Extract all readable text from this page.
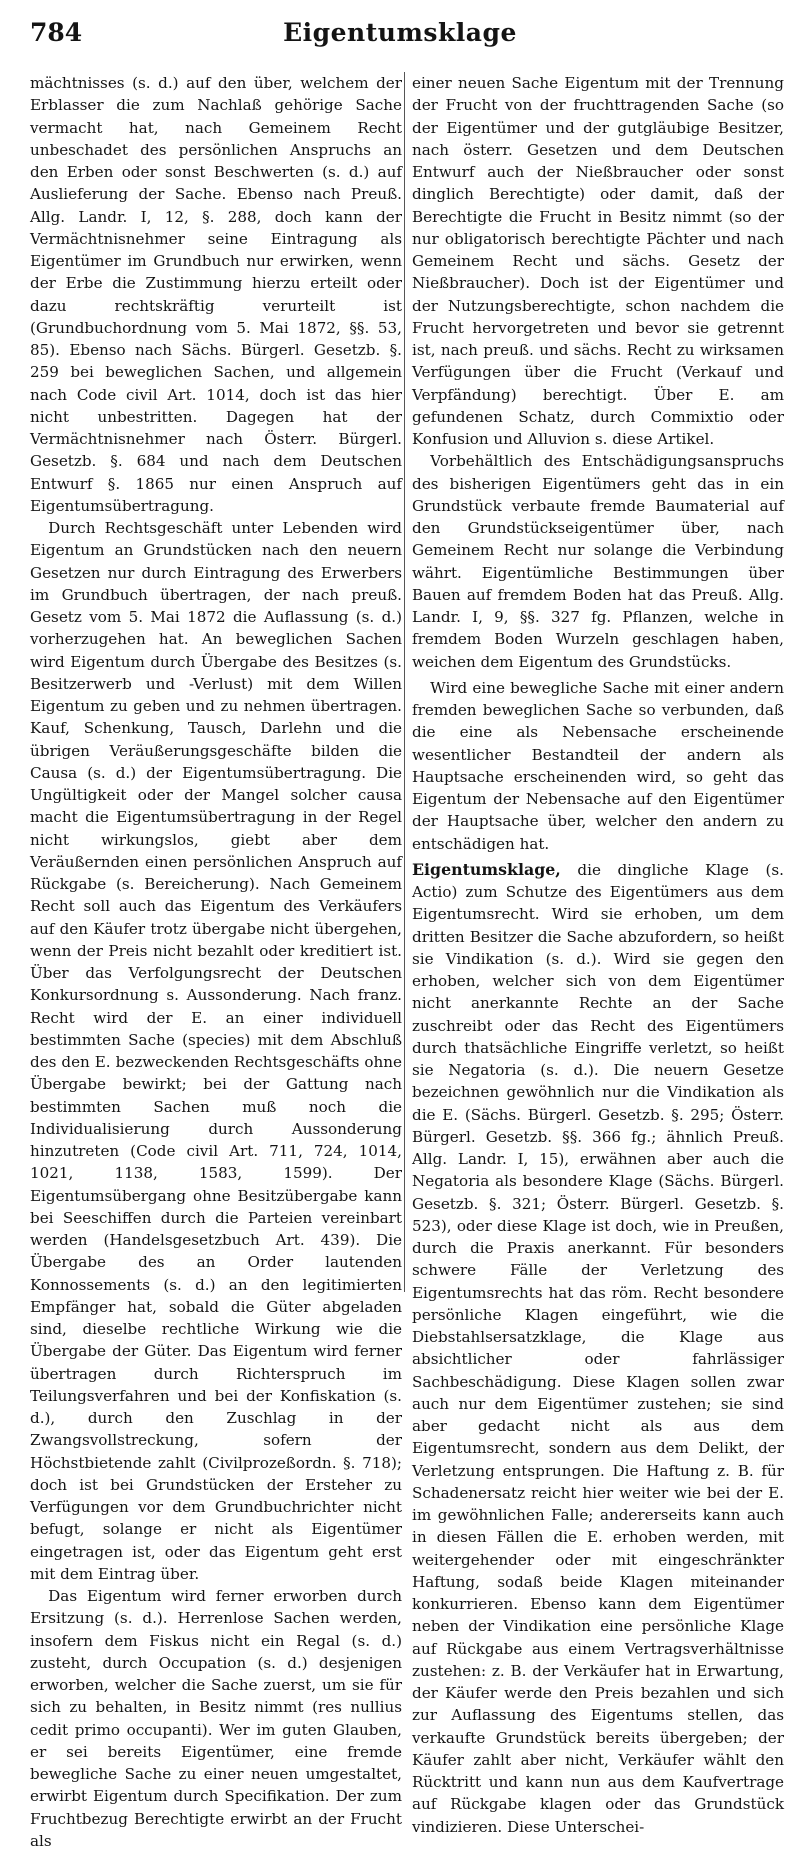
784	Eigentumsklage

mächtnisses (s. d.) auf den über, welchem der Erblasser die zum Nachlaß gehörige Sache vermacht hat, nach Gemeinem Recht unbeschadet des persönlichen Anspruchs an den Erben oder sonst Beschwerten (s. d.) auf Auslieferung der Sache. Ebenso nach Preuß. Allg. Landr. I, 12, §. 288, doch kann der Vermächtnisnehmer seine Eintragung als Eigentümer im Grundbuch nur erwirken, wenn der Erbe die Zustimmung hierzu erteilt oder dazu rechtskräftig verurteilt ist (Grundbuchordnung vom 5. Mai 1872, §§. 53, 85). Ebenso nach Sächs. Bürgerl. Gesetzb. §. 259 bei beweglichen Sachen, und allgemein nach Code civil Art. 1014, doch ist das hier nicht unbestritten. Dagegen hat der Vermächtnisnehmer nach Österr. Bürgerl. Gesetzb. §. 684 und nach dem Deutschen Entwurf §. 1865 nur einen Anspruch auf Eigentumsübertragung.

Durch Rechtsgeschäft unter Lebenden wird Eigentum an Grundstücken nach den neuern Gesetzen nur durch Eintragung des Erwerbers im Grundbuch übertragen, der nach preuß. Gesetz vom 5. Mai 1872 die Auflassung (s. d.) vorherzugehen hat. An beweglichen Sachen wird Eigentum durch Übergabe des Besitzes (s. Besitzerwerb und -Verlust) mit dem Willen Eigentum zu geben und zu nehmen übertragen. Kauf, Schenkung, Tausch, Darlehn und die übrigen Veräußerungsgeschäfte bilden die Causa (s. d.) der Eigentumsübertragung. Die Ungültigkeit oder der Mangel solcher causa macht die Eigentumsübertragung in der Regel nicht wirkungslos, giebt aber dem Veräußernden einen persönlichen Anspruch auf Rückgabe (s. Bereicherung). Nach Gemeinem Recht soll auch das Eigentum des Verkäufers auf den Käufer trotz übergabe nicht übergehen, wenn der Preis nicht bezahlt oder kreditiert ist. Über das Verfolgungsrecht der Deutschen Konkursordnung s. Aussonderung. Nach franz. Recht wird der E. an einer individuell bestimmten Sache (species) mit dem Abschluß des den E. bezweckenden Rechtsgeschäfts ohne Übergabe bewirkt; bei der Gattung nach bestimmten Sachen muß noch die Individualisierung durch Aussonderung hinzutreten (Code civil Art. 711, 724, 1014, 1021, 1138, 1583, 1599). Der Eigentumsübergang ohne Besitzübergabe kann bei Seeschiffen durch die Parteien vereinbart werden (Handelsgesetzbuch Art. 439). Die Übergabe des an Order lautenden Konnossements (s. d.) an den legitimierten Empfänger hat, sobald die Güter abgeladen sind, dieselbe rechtliche Wirkung wie die Übergabe der Güter. Das Eigentum wird ferner übertragen durch Richterspruch im Teilungsverfahren und bei der Konfiskation (s. d.), durch den Zuschlag in der Zwangsvollstreckung, sofern der Höchstbietende zahlt (Civilprozeßordn. §. 718); doch ist bei Grundstücken der Ersteher zu Verfügungen vor dem Grundbuchrichter nicht befugt, solange er nicht als Eigentümer eingetragen ist, oder das Eigentum geht erst mit dem Eintrag über.

Das Eigentum wird ferner erworben durch Ersitzung (s. d.). Herrenlose Sachen werden, insofern dem Fiskus nicht ein Regal (s. d.) zusteht, durch Occupation (s. d.) desjenigen erworben, welcher die Sache zuerst, um sie für sich zu behalten, in Besitz nimmt (res nullius cedit primo occupanti). Wer im guten Glauben, er sei bereits Eigentümer, eine fremde bewegliche Sache zu einer neuen umgestaltet, erwirbt Eigentum durch Specifikation. Der zum Fruchtbezug Berechtigte erwirbt an der Frucht als

einer neuen Sache Eigentum mit der Trennung der Frucht von der fruchttragenden Sache (so der Eigentümer und der gutgläubige Besitzer, nach österr. Gesetzen und dem Deutschen Entwurf auch der Nießbraucher oder sonst dinglich Berechtigte) oder damit, daß der Berechtigte die Frucht in Besitz nimmt (so der nur obligatorisch berechtigte Pächter und nach Gemeinem Recht und sächs. Gesetz der Nießbraucher). Doch ist der Eigentümer und der Nutzungsberechtigte, schon nachdem die Frucht hervorgetreten und bevor sie getrennt ist, nach preuß. und sächs. Recht zu wirksamen Verfügungen über die Frucht (Verkauf und Verpfändung) berechtigt. Über E. am gefundenen Schatz, durch Commixtio oder Konfusion und Alluvion s. diese Artikel.

Vorbehältlich des Entschädigungsanspruchs des bisherigen Eigentümers geht das in ein Grundstück verbaute fremde Baumaterial auf den Grundstückseigentümer über, nach Gemeinem Recht nur solange die Verbindung währt. Eigentümliche Bestimmungen über Bauen auf fremdem Boden hat das Preuß. Allg. Landr. I, 9, §§. 327 fg. Pflanzen, welche in fremdem Boden Wurzeln geschlagen haben, weichen dem Eigentum des Grundstücks.

Wird eine bewegliche Sache mit einer andern fremden beweglichen Sache so verbunden, daß die eine als Nebensache erscheinende wesentlicher Bestandteil der andern als Hauptsache erscheinenden wird, so geht das Eigentum der Nebensache auf den Eigentümer der Hauptsache über, welcher den andern zu entschädigen hat.

Eigentumsklage, die dingliche Klage (s. Actio) zum Schutze des Eigentümers aus dem Eigentumsrecht. Wird sie erhoben, um dem dritten Besitzer die Sache abzufordern, so heißt sie Vindikation (s. d.). Wird sie gegen den erhoben, welcher sich von dem Eigentümer nicht anerkannte Rechte an der Sache zuschreibt oder das Recht des Eigentümers durch thatsächliche Eingriffe verletzt, so heißt sie Negatoria (s. d.). Die neuern Gesetze bezeichnen gewöhnlich nur die Vindikation als die E. (Sächs. Bürgerl. Gesetzb. §. 295; Österr. Bürgerl. Gesetzb. §§. 366 fg.; ähnlich Preuß. Allg. Landr. I, 15), erwähnen aber auch die Negatoria als besondere Klage (Sächs. Bürgerl. Gesetzb. §. 321; Österr. Bürgerl. Gesetzb. §. 523), oder diese Klage ist doch, wie in Preußen, durch die Praxis anerkannt. Für besonders schwere Fälle der Verletzung des Eigentumsrechts hat das röm. Recht besondere persönliche Klagen eingeführt, wie die Diebstahlsersatzklage, die Klage aus absichtlicher oder fahrlässiger Sachbeschädigung. Diese Klagen sollen zwar auch nur dem Eigentümer zustehen; sie sind aber gedacht nicht als aus dem Eigentumsrecht, sondern aus dem Delikt, der Verletzung entsprungen. Die Haftung z. B. für Schadenersatz reicht hier weiter wie bei der E. im gewöhnlichen Falle; andererseits kann auch in diesen Fällen die E. erhoben werden, mit weitergehender oder mit eingeschränkter Haftung, sodaß beide Klagen miteinander konkurrieren. Ebenso kann dem Eigentümer neben der Vindikation eine persönliche Klage auf Rückgabe aus einem Vertragsverhältnisse zustehen: z. B. der Verkäufer hat in Erwartung, der Käufer werde den Preis bezahlen und sich zur Auflassung des Eigentums stellen, das verkaufte Grundstück bereits übergeben; der Käufer zahlt aber nicht, Verkäufer wählt den Rücktritt und kann nun aus dem Kaufvertrage auf Rückgabe klagen oder das Grundstück vindizieren. Diese Unterschei-
